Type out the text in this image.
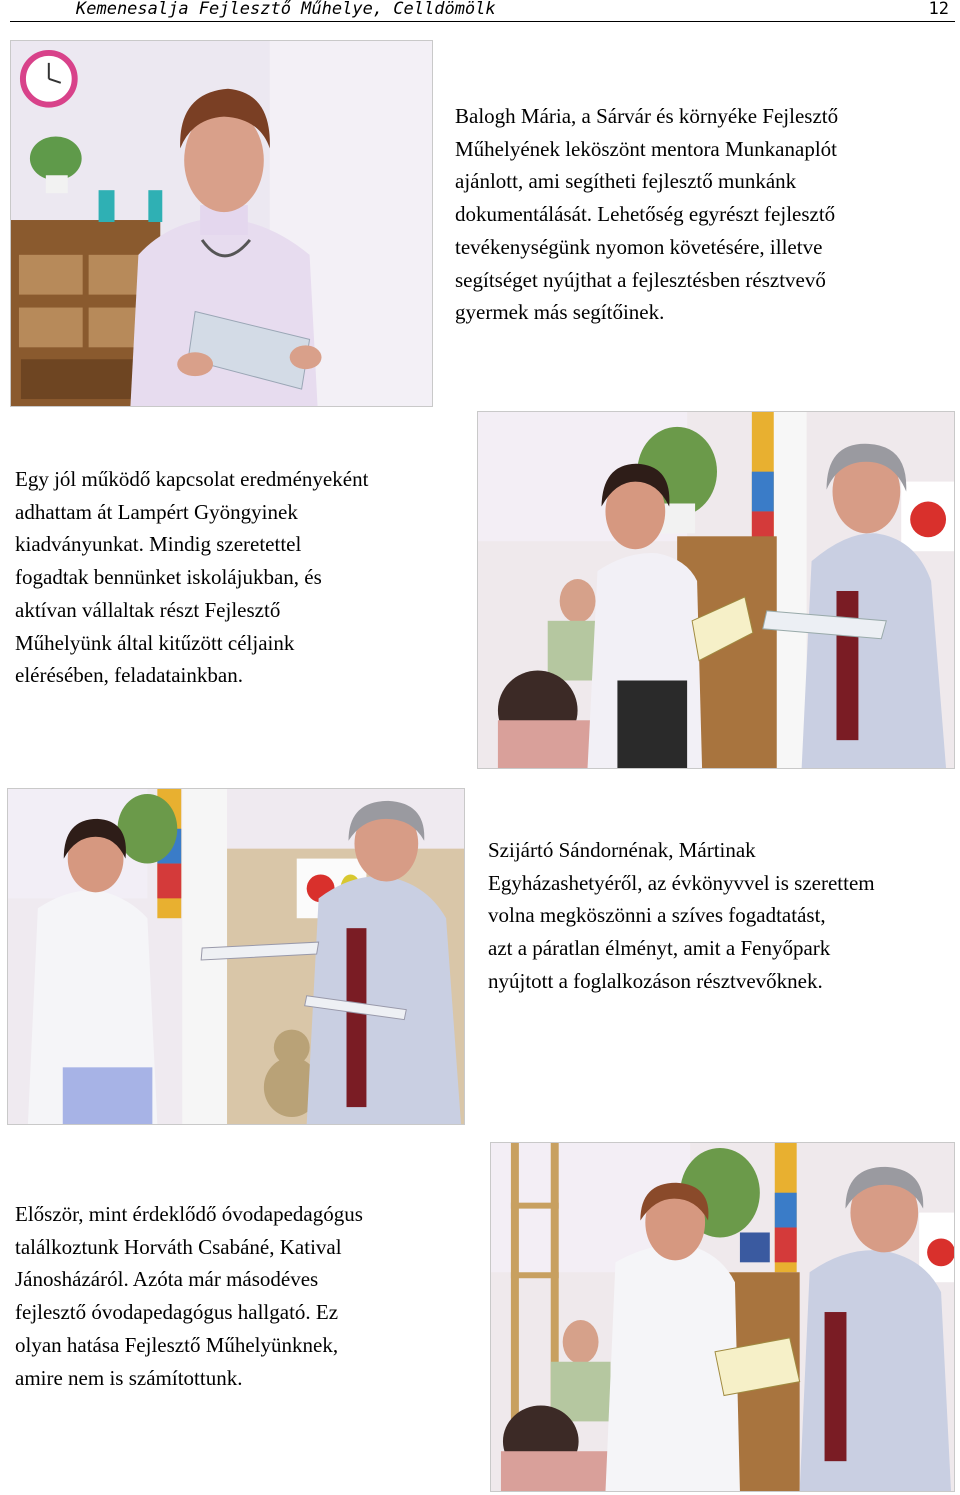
Kemenesalja Fejlesztő Műhelye, Celldömölk	12
Balogh Mária, a Sárvár és környéke Fejlesztő
Műhelyének leköszönt mentora Munkanaplót
ajánlott, ami segítheti fejlesztő munkánk
dokumentálását. Lehetőség egyrészt fejlesztő
tevékenységünk nyomon követésére, illetve
segítséget nyújthat a fejlesztésben résztvevő
gyermek más segítőinek.
Egy jól működő kapcsolat eredményeként
adhattam át Lampért Gyöngyinek
kiadványunkat. Mindig szeretettel
fogadtak bennünket iskolájukban, és
aktívan vállaltak részt Fejlesztő
Műhelyünk által kitűzött céljaink
elérésében, feladatainkban.
Szijártó Sándornénak, Mártinak
Egyházashetyéről, az évkönyvvel is szerettem
volna megköszönni a szíves fogadtatást,
azt a páratlan élményt, amit a Fenyőpark
nyújtott a foglalkozáson résztvevőknek.
Először, mint érdeklődő óvodapedagógus
találkoztunk Horváth Csabáné, Katival
Jánosházáról. Azóta már másodéves
fejlesztő óvodapedagógus hallgató. Ez
olyan hatása Fejlesztő Műhelyünknek,
amire nem is számítottunk.
